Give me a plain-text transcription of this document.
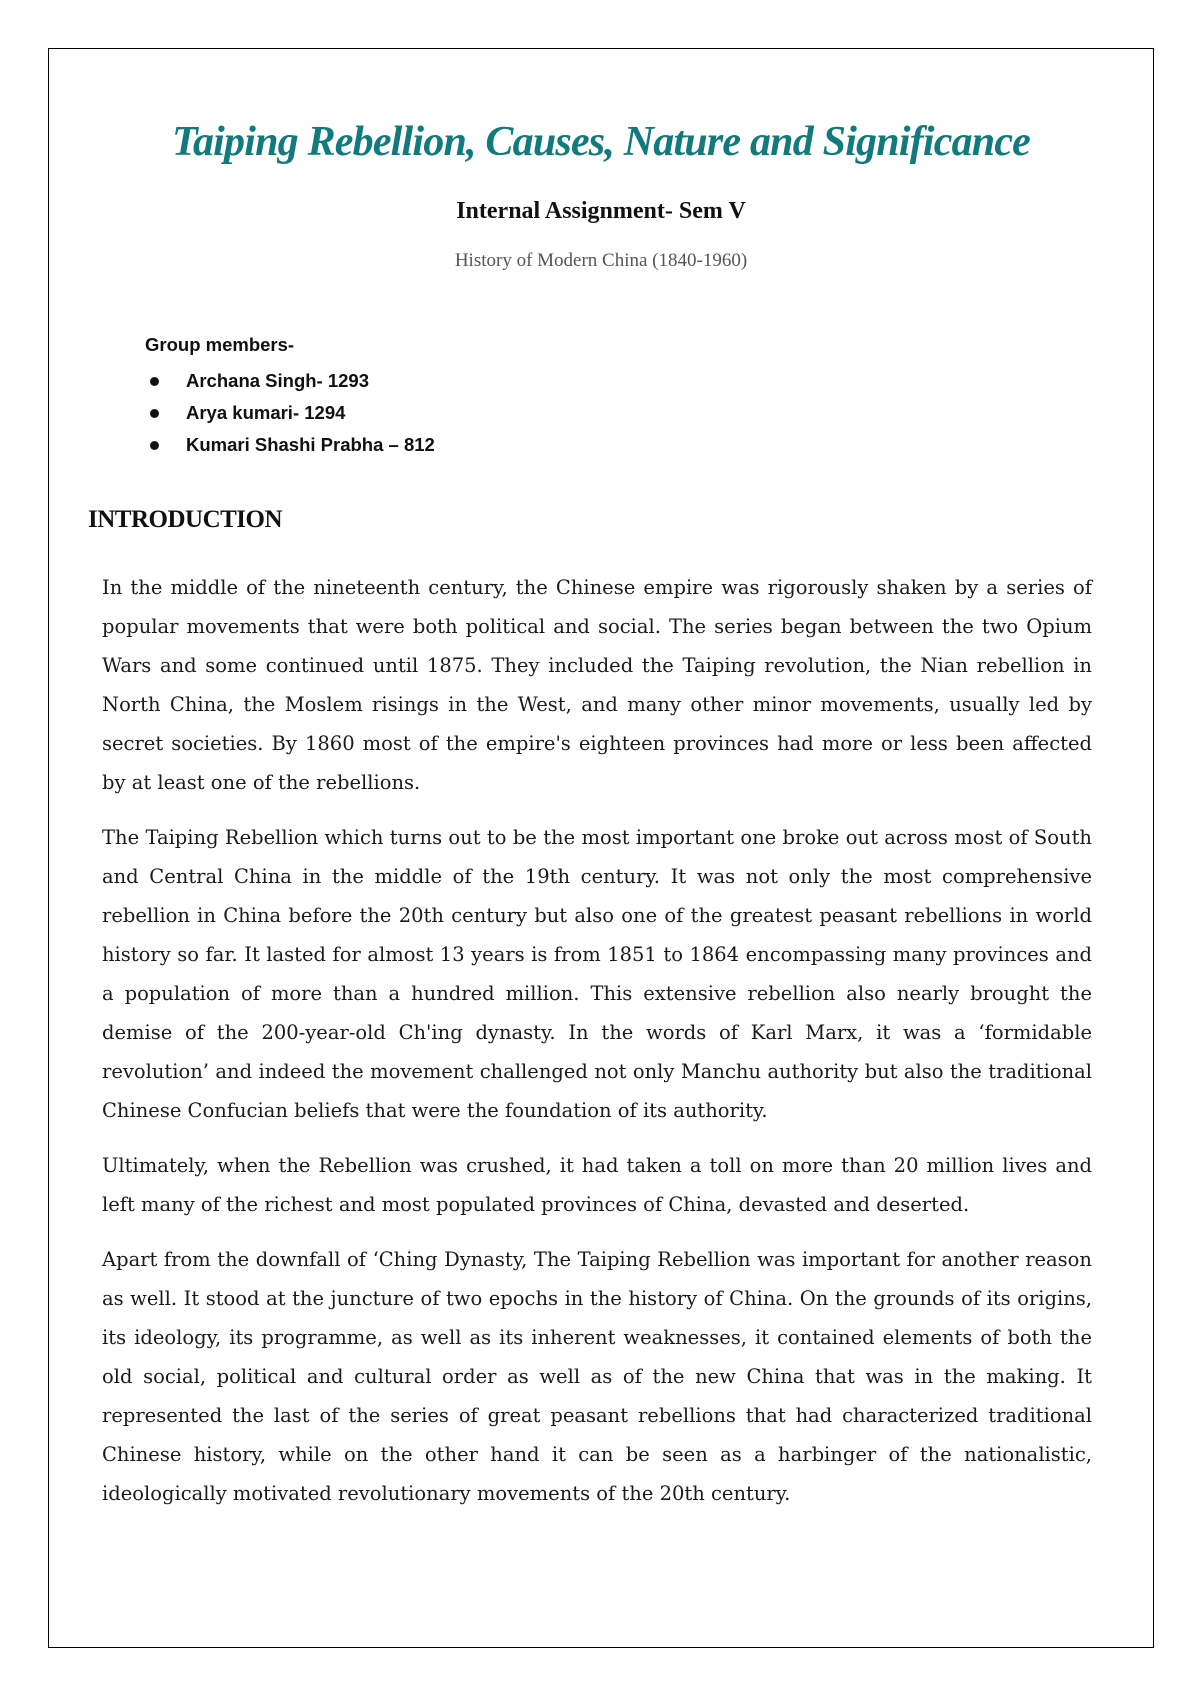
Taiping Rebellion, Causes, Nature and Significance
Internal Assignment- Sem V
History of Modern China (1840-1960)
Group members-
Archana Singh- 1293
Arya kumari- 1294
Kumari Shashi Prabha – 812
INTRODUCTION

In the middle of the nineteenth century, the Chinese empire was rigorously shaken by a series of popular movements that were both political and social. The series began between the two Opium Wars and some continued until 1875. They included the Taiping revolution, the Nian rebellion in North China, the Moslem risings in the West, and many other minor movements, usually led by secret societies. By 1860 most of the empire's eighteen provinces had more or less been affected by at least one of the rebellions.

The Taiping Rebellion which turns out to be the most important one broke out across most of South and Central China in the middle of the 19th century. It was not only the most comprehensive rebellion in China before the 20th century but also one of the greatest peasant rebellions in world history so far. It lasted for almost 13 years is from 1851 to 1864 encompassing many provinces and a population of more than a hundred million. This extensive rebellion also nearly brought the demise of the 200-year-old Ch'ing dynasty. In the words of Karl Marx, it was a ‘formidable revolution’ and indeed the movement challenged not only Manchu authority but also the traditional Chinese Confucian beliefs that were the foundation of its authority.

Ultimately, when the Rebellion was crushed, it had taken a toll on more than 20 million lives and left many of the richest and most populated provinces of China, devasted and deserted.

Apart from the downfall of ‘Ching Dynasty, The Taiping Rebellion was important for another reason as well. It stood at the juncture of two epochs in the history of China. On the grounds of its origins, its ideology, its programme, as well as its inherent weaknesses, it contained elements of both the old social, political and cultural order as well as of the new China that was in the making. It represented the last of the series of great peasant rebellions that had characterized traditional Chinese history, while on the other hand it can be seen as a harbinger of the nationalistic, ideologically motivated revolutionary movements of the 20th century.
